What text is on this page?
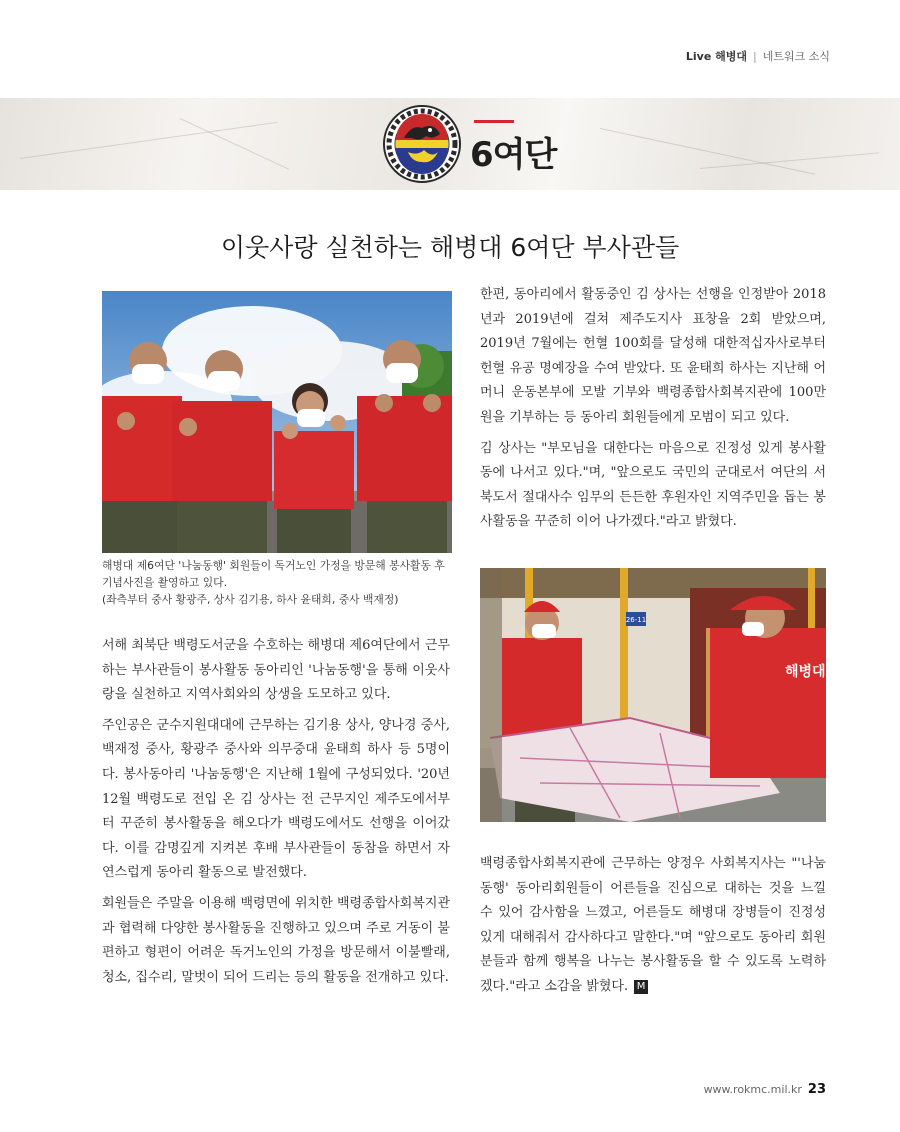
Live 해병대 | 네트워크 소식
6여단
이웃사랑 실천하는 해병대 6여단 부사관들

해병대 제6여단 '나눔동행' 회원들이 독거노인 가정을 방문해 봉사활동 후 기념사진을 촬영하고 있다.

(좌측부터 중사 황광주, 상사 김기용, 하사 윤태희, 중사 백재정)

서해 최북단 백령도서군을 수호하는 해병대 제6여단에서 근무하는 부사관들이 봉사활동 동아리인 '나눔동행'을 통해 이웃사랑을 실천하고 지역사회와의 상생을 도모하고 있다.

주인공은 군수지원대대에 근무하는 김기용 상사, 양나경 중사, 백재정 중사, 황광주 중사와 의무중대 윤태희 하사 등 5명이다. 봉사동아리 '나눔동행'은 지난해 1월에 구성되었다. '20년 12월 백령도로 전입 온 김 상사는 전 근무지인 제주도에서부터 꾸준히 봉사활동을 해오다가 백령도에서도 선행을 이어갔다. 이를 감명깊게 지켜본 후배 부사관들이 동참을 하면서 자연스럽게 동아리 활동으로 발전했다.

회원들은 주말을 이용해 백령면에 위치한 백령종합사회복지관과 협력해 다양한 봉사활동을 진행하고 있으며 주로 거동이 불편하고 형편이 어려운 독거노인의 가정을 방문해서 이불빨래, 청소, 집수리, 말벗이 되어 드리는 등의 활동을 전개하고 있다.

한편, 동아리에서 활동중인 김 상사는 선행을 인정받아 2018년과 2019년에 걸쳐 제주도지사 표창을 2회 받았으며, 2019년 7월에는 헌혈 100회를 달성해 대한적십자사로부터 헌혈 유공 명예장을 수여 받았다. 또 윤태희 하사는 지난해 어머니 운동본부에 모발 기부와 백령종합사회복지관에 100만원을 기부하는 등 동아리 회원들에게 모범이 되고 있다.

김 상사는 "부모님을 대한다는 마음으로 진정성 있게 봉사활동에 나서고 있다."며, "앞으로도 국민의 군대로서 여단의 서북도서 절대사수 임무의 든든한 후원자인 지역주민을 돕는 봉사활동을 꾸준히 이어 나가겠다."라고 밝혔다.

26-11
해병대

백령종합사회복지관에 근무하는 양정우 사회복지사는 "'나눔동행' 동아리회원들이 어른들을 진심으로 대하는 것을 느낄 수 있어 감사함을 느꼈고, 어른들도 해병대 장병들이 진정성 있게 대해줘서 감사하다고 말한다."며 "앞으로도 동아리 회원 분들과 함께 행복을 나누는 봉사활동을 할 수 있도록 노력하겠다."라고 소감을 밝혔다. M

www.rokmc.mil.kr 23
